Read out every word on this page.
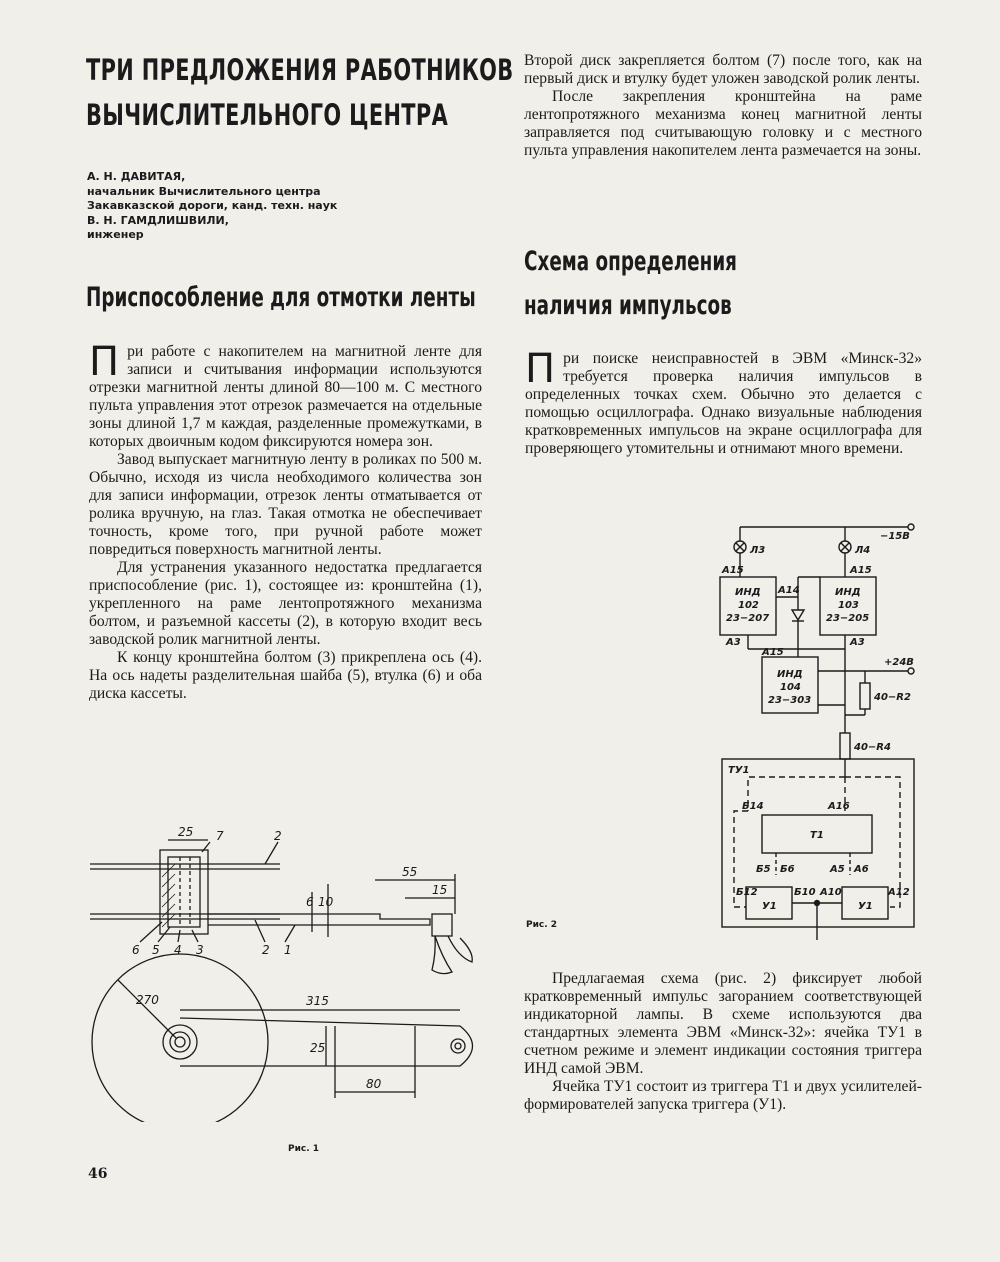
ТРИ ПРЕДЛОЖЕНИЯ РАБОТНИКОВ
ВЫЧИСЛИТЕЛЬНОГО ЦЕНТРА
А. Н. ДАВИТАЯ,
начальник Вычислительного центра
Закавказской дороги, канд. техн. наук
В. Н. ГАМДЛИШВИЛИ,
инженер
Приспособление для отмотки ленты

При работе с накопителем на магнитной ленте для записи и считывания информации используются отрезки магнитной ленты длиной 80—100 м. С местного пульта управления этот отрезок размечается на отдельные зоны длиной 1,7 м каждая, разделенные промежутками, в которых двоичным кодом фиксируются номера зон.

Завод выпускает магнитную ленту в роликах по 500 м. Обычно, исходя из числа необходимого количества зон для записи информации, отрезок ленты отматывается от ролика вручную, на глаз. Такая отмотка не обеспечивает точность, кроме того, при ручной работе может повредиться поверхность магнитной ленты.

Для устранения указанного недостатка предлагается приспособление (рис. 1), состоящее из: кронштейна (1), укрепленного на раме лентопротяжного механизма болтом, и разъемной кассеты (2), в которую входит весь заводской ролик магнитной ленты.

К концу кронштейна болтом (3) прикреплена ось (4). На ось надеты разделительная шайба (5), втулка (6) и оба диска кассеты.

Второй диск закрепляется болтом (7) после того, как на первый диск и втулку будет уложен заводской ролик ленты.

После закрепления кронштейна на раме лентопротяжного механизма конец магнитной ленты заправляется под считывающую головку и с местного пульта управления накопителем лента размечается на зоны.

Схема определения
наличия импульсов

При поиске неисправностей в ЭВМ «Минск-32» требуется проверка наличия импульсов в определенных точках схем. Обычно это делается с помощью осциллографа. Однако визуальные наблюдения кратковременных импульсов на экране осциллографа для проверяющего утомительны и отнимают много времени.

Предлагаемая схема (рис. 2) фиксирует любой кратковременный импульс загоранием соответствующей индикаторной лампы. В схеме используются два стандартных элемента ЭВМ «Минск-32»: ячейка ТУ1 в счетном режиме и элемент индикации состояния триггера ИНД самой ЭВМ.

Ячейка ТУ1 состоит из триггера Т1 и двух усилителей-формирователей запуска триггера (У1).

25 7	2
55
15
6 10
6 5 4 3	2 1
270	315
25
80
Рис. 1
−15В
Л3	Л4
А15	А15
А14
ИНД
102
23−207
ИНД
103
23−205
А3	А3
А15
+24В
ИНД
104
23−303	40−R2
40−R4
ТУ1
Б14	А16
Т1
Б5 Б6	А5 А6
Б12	Б10 А10	А12
У1	У1
Рис. 2
46
